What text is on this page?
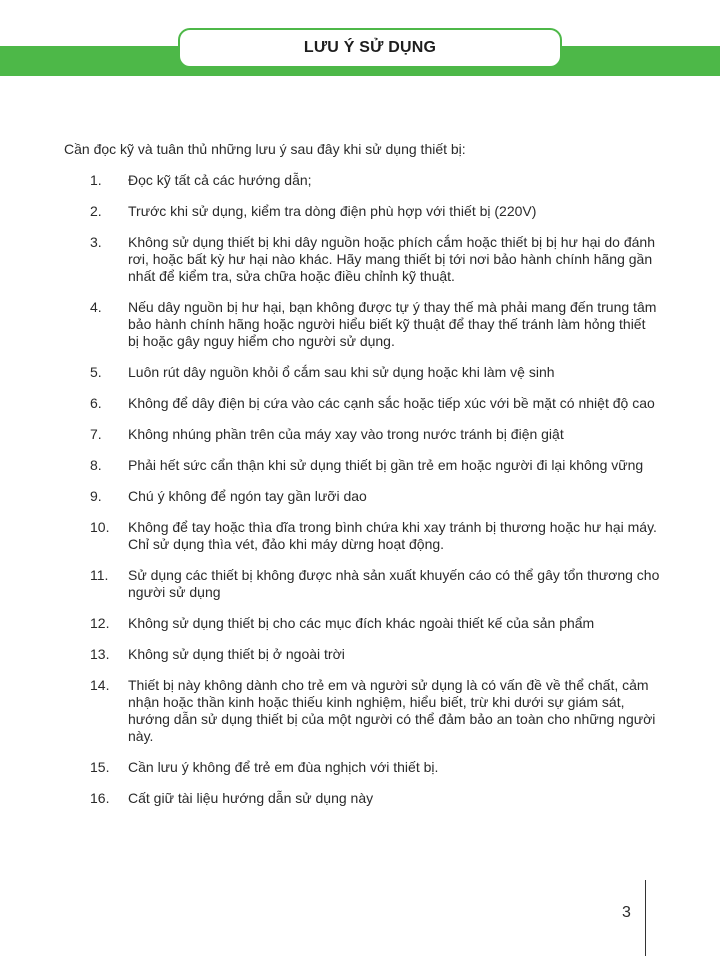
LƯU Ý SỬ DỤNG
Cần đọc kỹ và tuân thủ những lưu ý sau đây khi sử dụng thiết bị:
1.	Đọc kỹ tất cả các hướng dẫn;
2.	Trước khi sử dụng, kiểm tra dòng điện phù hợp với thiết bị (220V)
3.	Không sử dụng thiết bị khi dây nguồn hoặc phích cắm hoặc thiết bị bị hư hại do đánh rơi, hoặc bất kỳ hư hại nào khác. Hãy mang thiết bị tới nơi bảo hành chính hãng gần nhất để kiểm tra, sửa chữa hoặc điều chỉnh kỹ thuật.
4.	Nếu dây nguồn bị hư hại, bạn không được tự ý thay thế mà phải mang đến trung tâm bảo hành chính hãng hoặc người hiểu biết kỹ thuật để thay thế tránh làm hỏng thiết bị hoặc gây nguy hiểm cho người sử dụng.
5.	Luôn rút dây nguồn khỏi ổ cắm sau khi sử dụng hoặc khi làm vệ sinh
6.	Không để dây điện bị cứa vào các cạnh sắc hoặc tiếp xúc với bề mặt có nhiệt độ cao
7.	Không nhúng phần trên của máy xay vào trong nước tránh bị điện giật
8.	Phải hết sức cẩn thận khi sử dụng thiết bị gần trẻ em hoặc người đi lại không vững
9.	Chú ý không để ngón tay gần lưỡi dao
10.	Không để tay hoặc thìa dĩa trong bình chứa khi xay tránh bị thương hoặc hư hại máy. Chỉ sử dụng thìa vét, đảo khi máy dừng hoạt động.
11.	Sử dụng các thiết bị không được nhà sản xuất khuyến cáo có thể gây tổn thương cho người sử dụng
12.	Không sử dụng thiết bị cho các mục đích khác ngoài thiết kế của sản phẩm
13.	Không sử dụng thiết bị ở ngoài trời
14.	Thiết bị này không dành cho trẻ em và người sử dụng là có vấn đề về thể chất, cảm nhận hoặc thần kinh hoặc thiếu kinh nghiệm, hiểu biết, trừ khi dưới sự giám sát, hướng dẫn sử dụng thiết bị của một người có thể đảm bảo an toàn cho những người này.
15.	Cần lưu ý không để trẻ em đùa nghịch với thiết bị.
16.	Cất giữ tài liệu hướng dẫn sử dụng này
3
